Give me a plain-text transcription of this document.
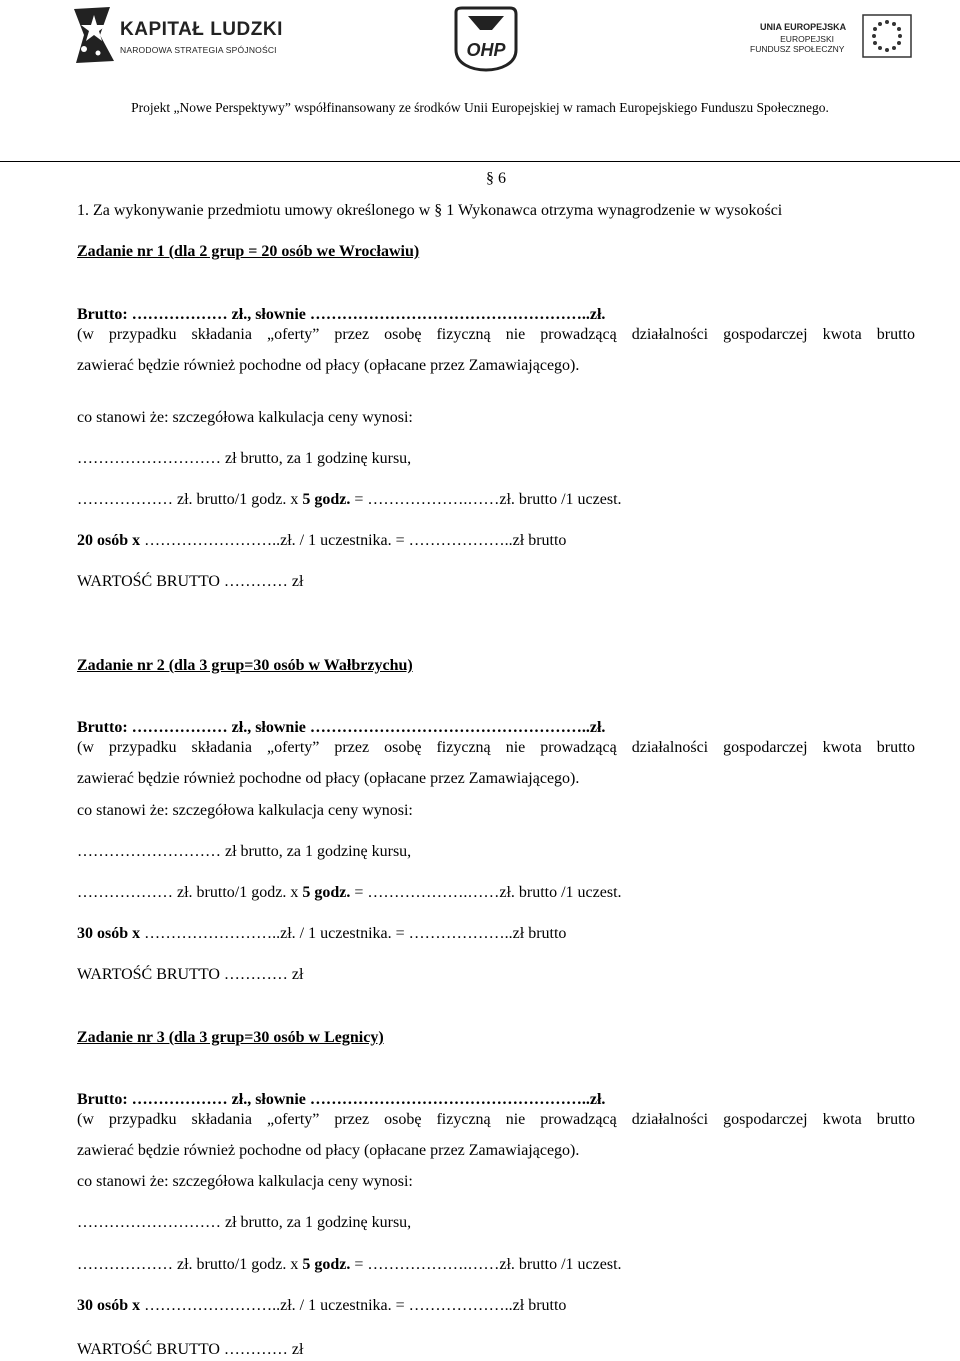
KAPITAŁ LUDZKI
NARODOWA STRATEGIA SPÓJNOŚCI	OHP
UNIA EUROPEJSKA
EUROPEJSKI
FUNDUSZ SPOŁECZNY
Projekt „Nowe Perspektywy” współfinansowany ze środków Unii Europejskiej w ramach Europejskiego Funduszu Społecznego.
§ 6
1. Za wykonywanie przedmiotu umowy określonego w § 1 Wykonawca otrzyma wynagrodzenie w wysokości
Zadanie nr 1 (dla 2 grup = 20 osób we Wrocławiu)
Brutto: ……………… zł., słownie ……………………………………………..zł.
(w przypadku składania „oferty” przez osobę fizyczną nie prowadzącą działalności gospodarczej kwota brutto
zawierać będzie również pochodne od płacy (opłacane przez Zamawiającego).
co stanowi że: szczegółowa kalkulacja ceny wynosi:
……………………… zł brutto, za 1 godzinę kursu,
……………… zł. brutto/1 godz. x 5 godz. = ……………….……zł. brutto /1 uczest.
20 osób x ……………………..zł. / 1 uczestnika. = ………………..zł brutto
WARTOŚĆ BRUTTO ………… zł
Zadanie nr 2 (dla 3 grup=30 osób w Wałbrzychu)
Brutto: ……………… zł., słownie ……………………………………………..zł.
(w przypadku składania „oferty” przez osobę fizyczną nie prowadzącą działalności gospodarczej kwota brutto
zawierać będzie również pochodne od płacy (opłacane przez Zamawiającego).
co stanowi że: szczegółowa kalkulacja ceny wynosi:
……………………… zł brutto, za 1 godzinę kursu,
……………… zł. brutto/1 godz. x 5 godz. = ……………….……zł. brutto /1 uczest.
30 osób x ……………………..zł. / 1 uczestnika. = ………………..zł brutto
WARTOŚĆ BRUTTO ………… zł
Zadanie nr 3 (dla 3 grup=30 osób w Legnicy)
Brutto: ……………… zł., słownie ……………………………………………..zł.
(w przypadku składania „oferty” przez osobę fizyczną nie prowadzącą działalności gospodarczej kwota brutto
zawierać będzie również pochodne od płacy (opłacane przez Zamawiającego).
co stanowi że: szczegółowa kalkulacja ceny wynosi:
……………………… zł brutto, za 1 godzinę kursu,
……………… zł. brutto/1 godz. x 5 godz. = ……………….……zł. brutto /1 uczest.
30 osób x ……………………..zł. / 1 uczestnika. = ………………..zł brutto
WARTOŚĆ BRUTTO ………… zł
